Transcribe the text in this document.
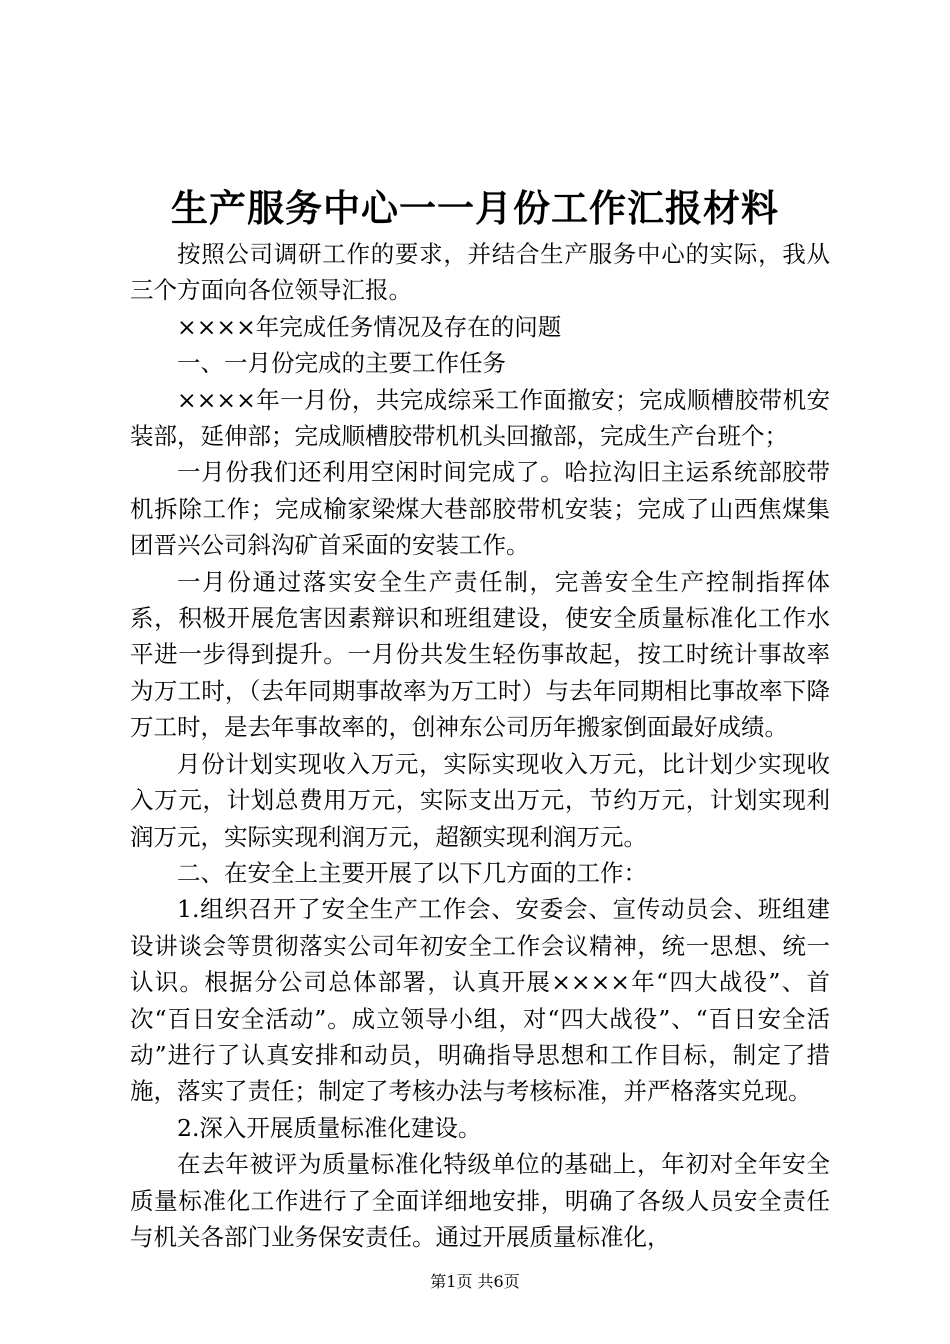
生产服务中心一一月份工作汇报材料

按照公司调研工作的要求，并结合生产服务中心的实际，我从三个方面向各位领导汇报。

××××年完成任务情况及存在的问题

一、一月份完成的主要工作任务

××××年一月份，共完成综采工作面撤安；完成顺槽胶带机安装部，延伸部；完成顺槽胶带机机头回撤部，完成生产台班个；

一月份我们还利用空闲时间完成了。哈拉沟旧主运系统部胶带机拆除工作；完成榆家梁煤大巷部胶带机安装；完成了山西焦煤集团晋兴公司斜沟矿首采面的安装工作。

一月份通过落实安全生产责任制，完善安全生产控制指挥体系，积极开展危害因素辩识和班组建设，使安全质量标准化工作水平进一步得到提升。一月份共发生轻伤事故起，按工时统计事故率为万工时，（去年同期事故率为万工时）与去年同期相比事故率下降万工时，是去年事故率的，创神东公司历年搬家倒面最好成绩。

月份计划实现收入万元，实际实现收入万元，比计划少实现收入万元，计划总费用万元，实际支出万元，节约万元，计划实现利润万元，实际实现利润万元，超额实现利润万元。

二、在安全上主要开展了以下几方面的工作：

1.组织召开了安全生产工作会、安委会、宣传动员会、班组建设讲谈会等贯彻落实公司年初安全工作会议精神，统一思想、统一认识。根据分公司总体部署，认真开展××××年“四大战役”、首次“百日安全活动”。成立领导小组，对“四大战役”、“百日安全活动”进行了认真安排和动员，明确指导思想和工作目标，制定了措施，落实了责任；制定了考核办法与考核标准，并严格落实兑现。

2.深入开展质量标准化建设。

在去年被评为质量标准化特级单位的基础上，年初对全年安全质量标准化工作进行了全面详细地安排，明确了各级人员安全责任与机关各部门业务保安责任。通过开展质量标准化，

第1页 共6页
